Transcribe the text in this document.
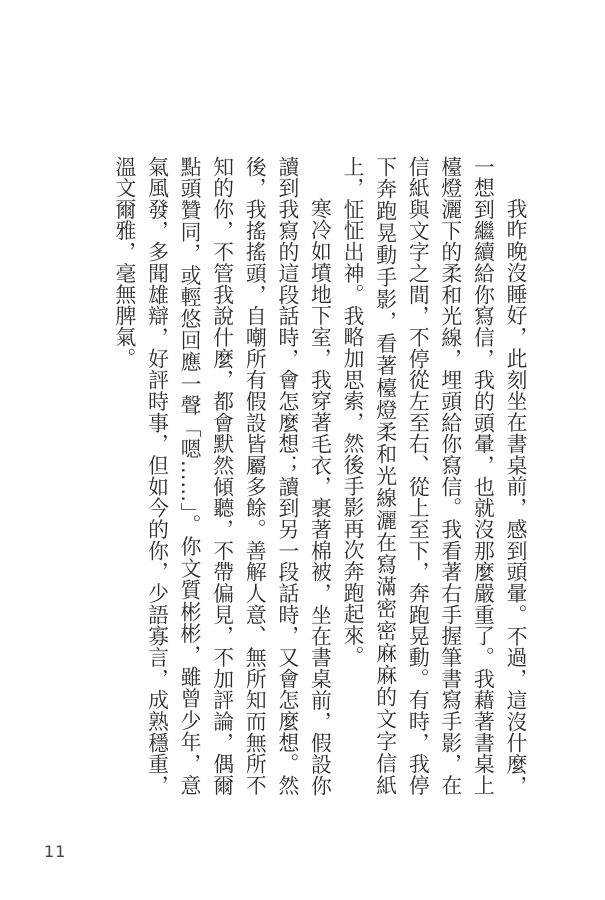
我昨晚沒睡好，此刻坐在書桌前，感到頭暈。不過，這沒什麼，一想到繼續給你寫信，我的頭暈，也就沒那麼嚴重了。我藉著書桌上檯燈灑下的柔和光線，埋頭給你寫信。我看著右手握筆書寫手影，在信紙與文字之間，不停從左至右、從上至下，奔跑晃動。有時，我停下奔跑晃動手影，看著檯燈柔和光線灑在寫滿密密麻麻的文字信紙上，怔怔出神。我略加思索，然後手影再次奔跑起來。

寒冷如墳地下室，我穿著毛衣，裹著棉被，坐在書桌前，假設你讀到我寫的這段話時，會怎麼想；讀到另一段話時，又會怎麼想。然後，我搖搖頭，自嘲所有假設皆屬多餘。善解人意、無所知而無所不知的你，不管我說什麼，都會默然傾聽，不帶偏見，不加評論，偶爾點頭贊同，或輕悠回應一聲「嗯……」。你文質彬彬，雖曾少年，意氣風發，多聞雄辯，好評時事，但如今的你，少語寡言，成熟穩重，溫文爾雅，毫無脾氣。

11
